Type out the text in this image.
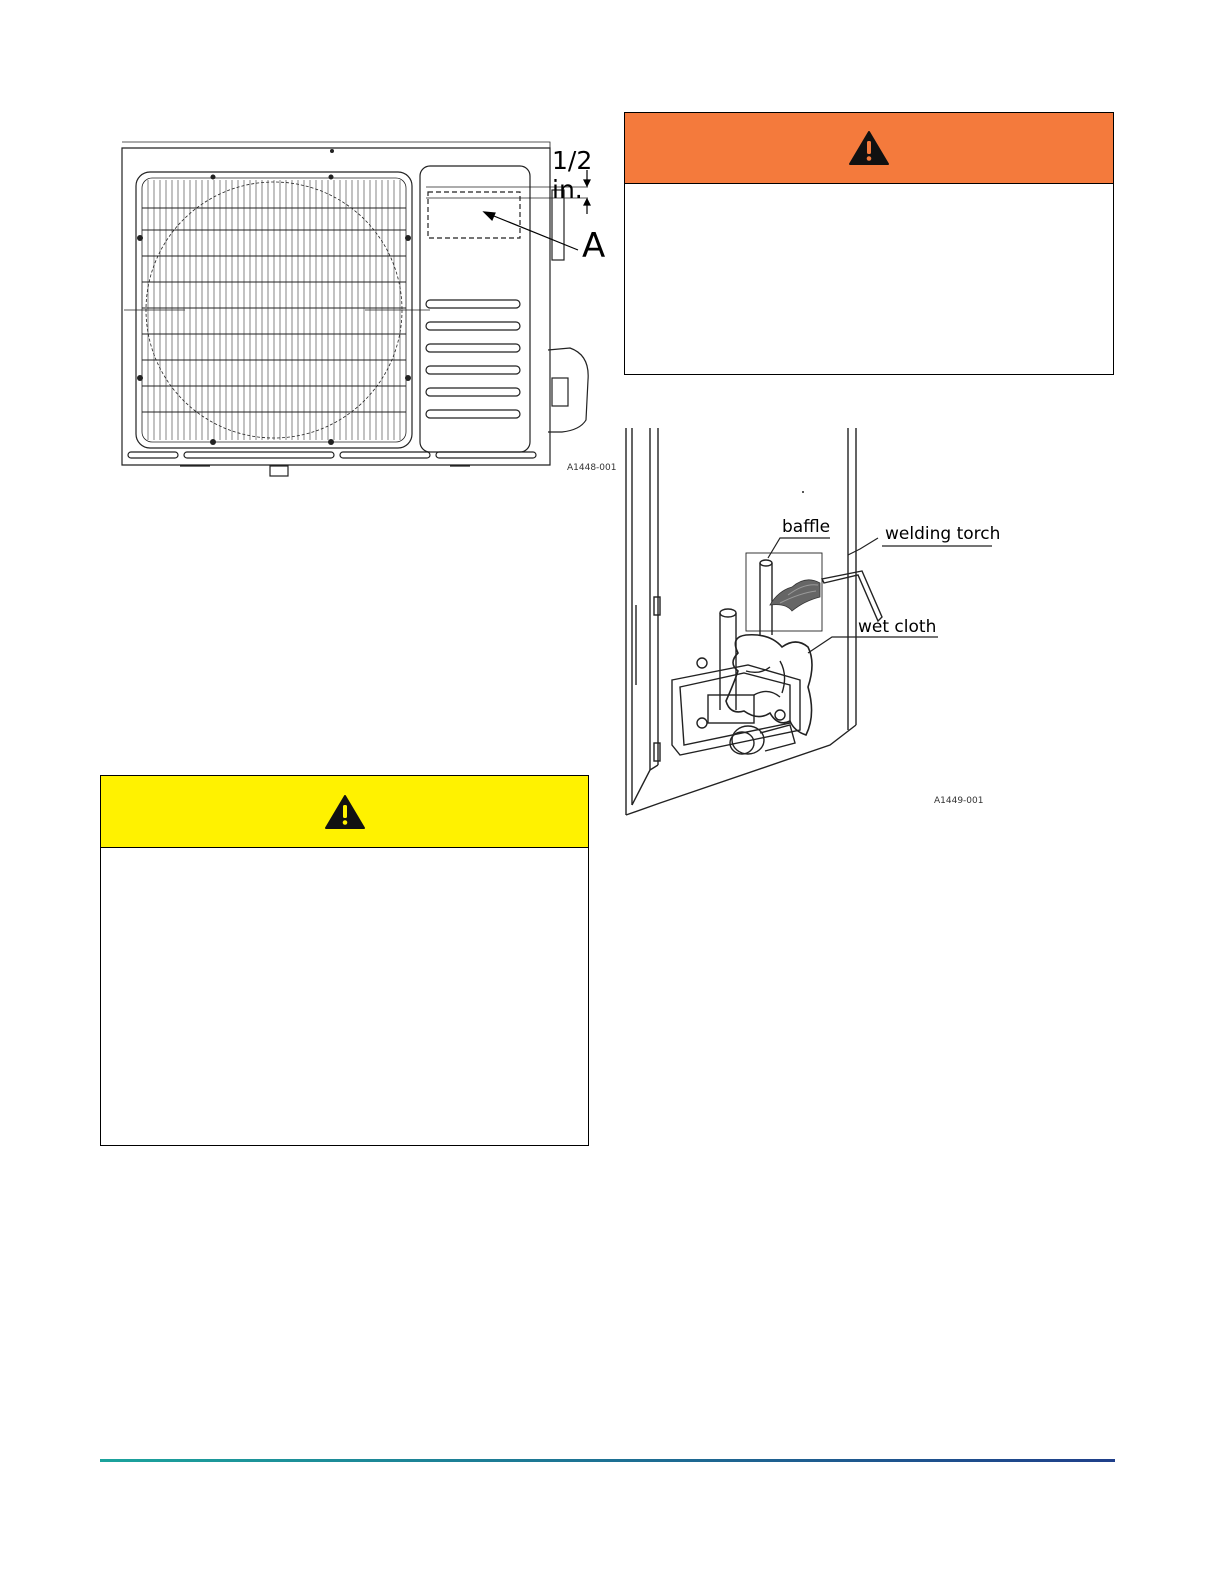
1/2 in.
A
A1448-001
baffle	welding torch
wet cloth
A1449-001
